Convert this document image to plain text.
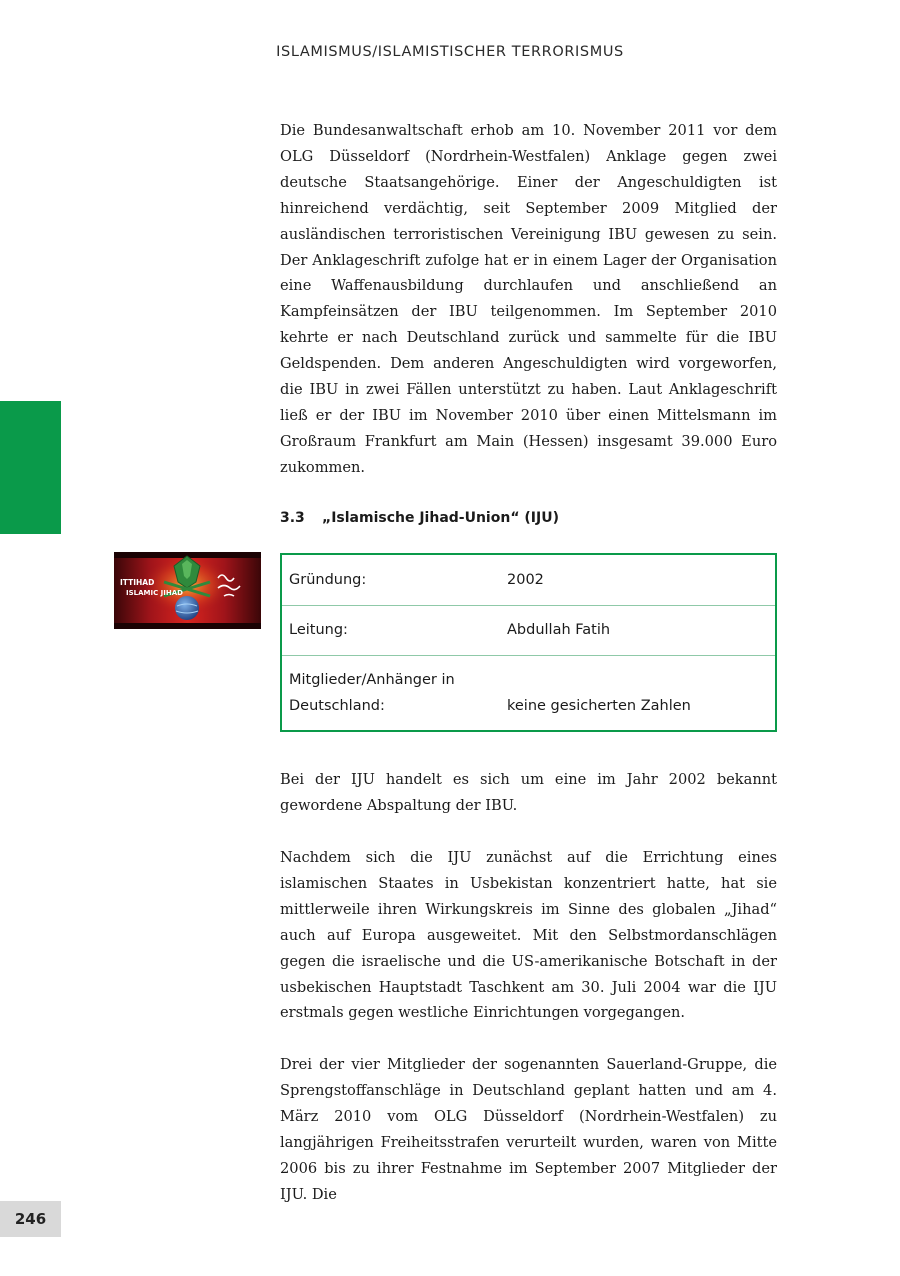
ISLAMISMUS/ISLAMISTISCHER TERRORISMUS

Die Bundesanwaltschaft erhob am 10. November 2011 vor dem OLG Düsseldorf (Nordrhein-Westfalen) Anklage gegen zwei deutsche Staatsangehörige. Einer der Angeschuldigten ist hinreichend verdächtig, seit September 2009 Mitglied der ausländischen terroristischen Vereinigung IBU gewesen zu sein. Der Anklageschrift zufolge hat er in einem Lager der Organisation eine Waffenausbildung durchlaufen und anschließend an Kampfeinsätzen der IBU teilgenommen. Im September 2010 kehrte er nach Deutschland zurück und sammelte für die IBU Geldspenden. Dem anderen Angeschuldigten wird vorgeworfen, die IBU in zwei Fällen unterstützt zu haben. Laut Anklageschrift ließ er der IBU im November 2010 über einen Mittelsmann im Großraum Frankfurt am Main (Hessen) insgesamt 39.000 Euro zukommen.

3.3 „Islamische Jihad-Union“ (IJU)
ITTIHAD
ISLAMIC JIHAD
Gründung:	2002
Leitung:	Abdullah Fatih
Mitglieder/Anhänger in Deutschland:	keine gesicherten Zahlen

Bei der IJU handelt es sich um eine im Jahr 2002 bekannt gewordene Abspaltung der IBU.

Nachdem sich die IJU zunächst auf die Errichtung eines islamischen Staates in Usbekistan konzentriert hatte, hat sie mittlerweile ihren Wirkungskreis im Sinne des globalen „Jihad“ auch auf Europa ausgeweitet. Mit den Selbstmordanschlägen gegen die israelische und die US-amerikanische Botschaft in der usbekischen Hauptstadt Taschkent am 30. Juli 2004 war die IJU erstmals gegen westliche Einrichtungen vorgegangen.

Drei der vier Mitglieder der sogenannten Sauerland-Gruppe, die Sprengstoffanschläge in Deutschland geplant hatten und am 4. März 2010 vom OLG Düsseldorf (Nordrhein-Westfalen) zu langjährigen Freiheitsstrafen verurteilt wurden, waren von Mitte 2006 bis zu ihrer Festnahme im September 2007 Mitglieder der IJU. Die

246
